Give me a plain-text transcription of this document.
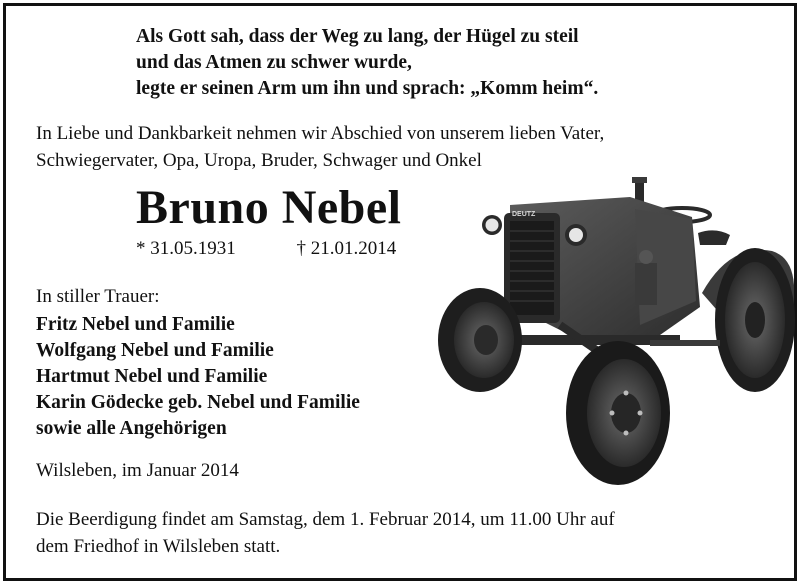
Als Gott sah, dass der Weg zu lang, der Hügel zu steil
und das Atmen zu schwer wurde,
legte er seinen Arm um ihn und sprach: „Komm heim“.
In Liebe und Dankbarkeit nehmen wir Abschied von unserem lieben Vater,
Schwiegervater, Opa, Uropa, Bruder, Schwager und Onkel
Bruno Nebel
* 31.05.1931	† 21.01.2014
In stiller Trauer:
Fritz Nebel und Familie
Wolfgang Nebel und Familie
Hartmut Nebel und Familie
Karin Gödecke geb. Nebel und Familie
sowie alle Angehörigen
Wilsleben, im Januar 2014
Die Beerdigung findet am Samstag, dem 1. Februar 2014, um 11.00 Uhr auf
dem Friedhof in Wilsleben statt.
DEUTZ
